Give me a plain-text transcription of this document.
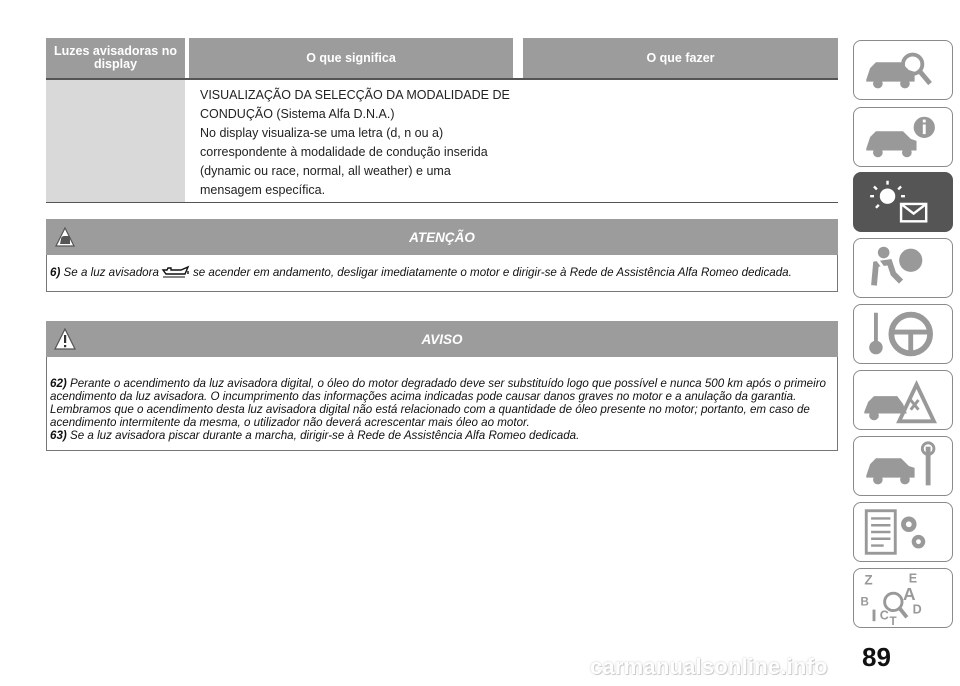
Luzes avisadoras no display	O que significa	O que fazer
VISUALIZAÇÃO DA SELECÇÃO DA MODALIDADE DE
CONDUÇÃO (Sistema Alfa D.N.A.)
No display visualiza-se uma letra (d, n ou a)
correspondente à modalidade de condução inserida
(dynamic ou race, normal, all weather) e uma
mensagem específica.
ATENÇÃO
6) Se a luz avisadora	se acender em andamento, desligar imediatamente o motor e dirigir-se à Rede de Assistência Alfa Romeo dedicada.
AVISO
62) Perante o acendimento da luz avisadora digital, o óleo do motor degradado deve ser substituído logo que possível e nunca 500 km após o primeiro acendimento da luz avisadora. O incumprimento das informações acima indicadas pode causar danos graves no motor e a anulação da garantia. Lembramos que o acendimento desta luz avisadora digital não está relacionado com a quantidade de óleo presente no motor; portanto, em caso de acendimento intermitente da mesma, o utilizador não deverá acrescentar mais óleo ao motor.
63) Se a luz avisadora piscar durante a marcha, dirigir-se à Rede de Assistência Alfa Romeo dedicada.
Z	E
A
B
C T
D
89
carmanualsonline.info
